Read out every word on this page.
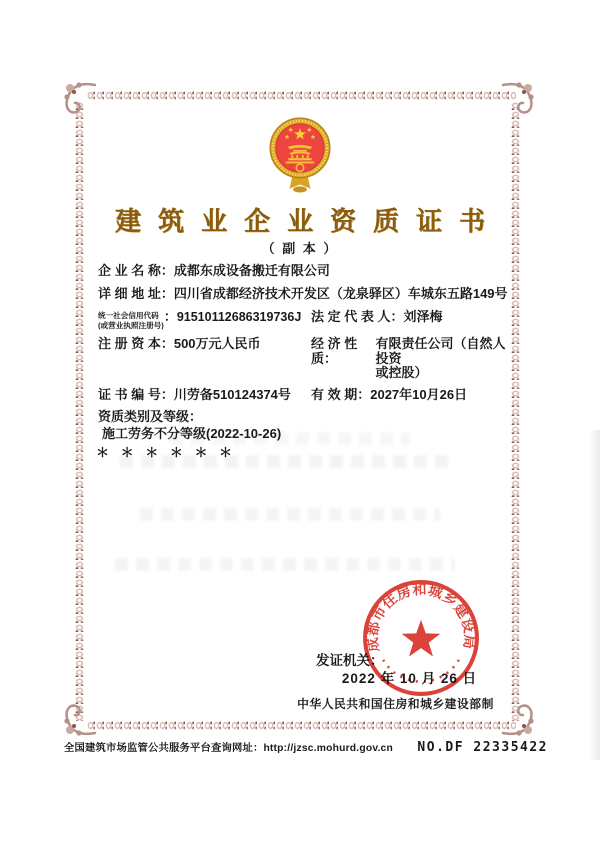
建筑业企业资质证书
（ 副 本 ）
企 业 名 称： 成都东成设备搬迁有限公司
详 细 地 址： 四川省成都经济技术开发区（龙泉驿区）车城东五路149号
统一社会信用代码
(或营业执照注册号)
： 91510112686319736J 法 定 代 表 人： 刘泽梅
注 册 资 本： 500万元人民币	经 济 性 质：
有限责任公司（自然人投资
或控股）
证 书 编 号： 川劳备510124374号 有 效 期： 2027年10月26日
资质类别及等级：
施工劳务不分等级(2022-10-26)
＊ ＊ ＊ ＊ ＊ ＊
发证机关：
2022 年 10 月 26 日
中华人民共和国住房和城乡建设部制
成都市住房和城乡建设局
全国建筑市场监管公共服务平台查询网址：http://jzsc.mohurd.gov.cn NO.DF 22335422
